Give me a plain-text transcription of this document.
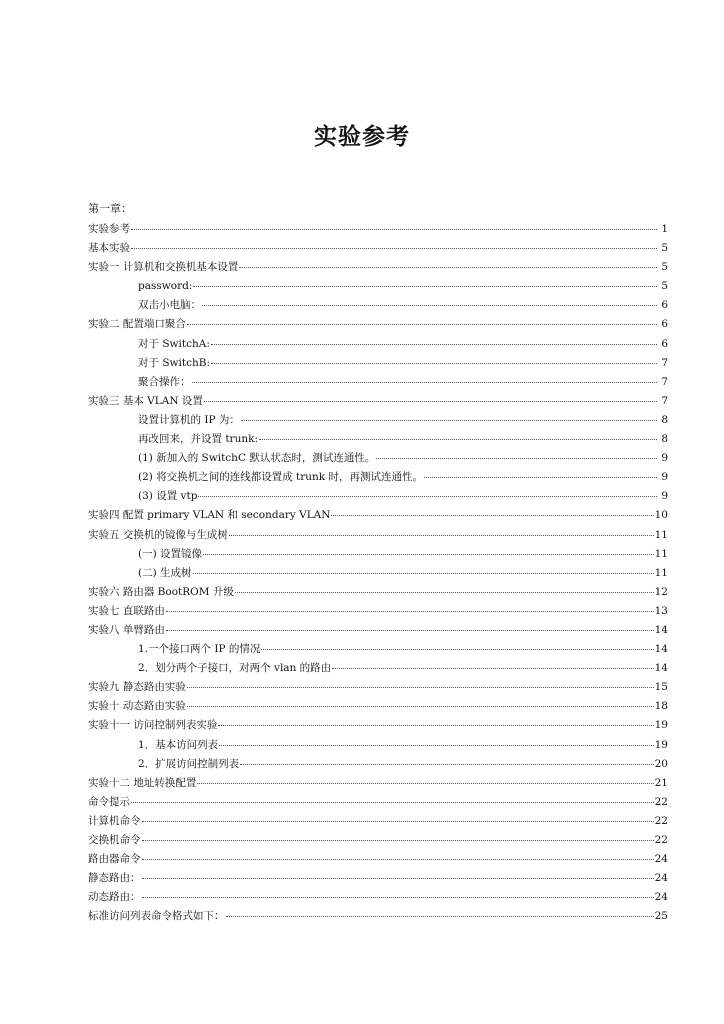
实验参考
第一章：
实验参考	1
基本实验	5
实验一 计算机和交换机基本设置	5
password:	5
双击小电脑：	6
实验二 配置端口聚合	6
对于 SwitchA:	6
对于 SwitchB:	7
聚合操作：	7
实验三 基本 VLAN 设置	7
设置计算机的 IP 为：	8
再改回来，并设置 trunk:	8
(1) 新加入的 SwitchC 默认状态时，测试连通性。	9
(2) 将交换机之间的连线都设置成 trunk 时，再测试连通性。	9
(3) 设置 vtp	9
实验四 配置 primary VLAN 和 secondary VLAN	10
实验五 交换机的镜像与生成树	11
(一) 设置镜像	11
(二) 生成树	11
实验六 路由器 BootROM 升级	12
实验七 直联路由	13
实验八 单臂路由	14
1.一个接口两个 IP 的情况	14
2．划分两个子接口，对两个 vlan 的路由	14
实验九 静态路由实验	15
实验十 动态路由实验	18
实验十一 访问控制列表实验	19
1．基本访问列表	19
2．扩展访问控制列表	20
实验十二 地址转换配置	21
命令提示	22
计算机命令	22
交换机命令	22
路由器命令	24
静态路由：	24
动态路由：	24
标准访问列表命令格式如下：	25
